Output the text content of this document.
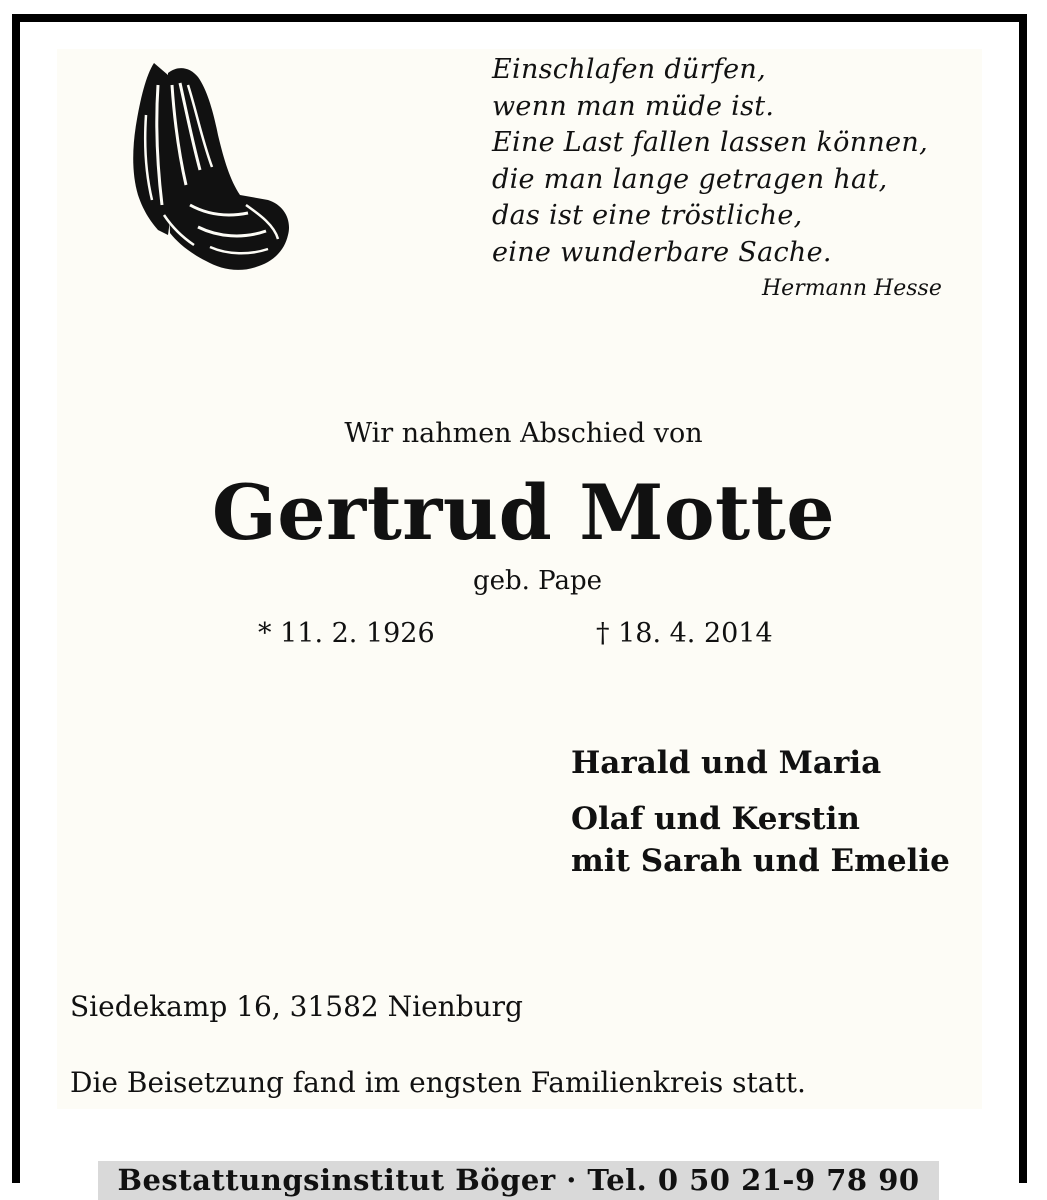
Einschlafen dürfen,
wenn man müde ist.
Eine Last fallen lassen können,
die man lange getragen hat,
das ist eine tröstliche,
eine wunderbare Sache.
Hermann Hesse
Wir nahmen Abschied von
Gertrud Motte
geb. Pape
* 11. 2. 1926	† 18. 4. 2014
Harald und Maria
Olaf und Kerstin
mit Sarah und Emelie
Siedekamp 16, 31582 Nienburg
Die Beisetzung fand im engsten Familienkreis statt.
Bestattungsinstitut Böger · Tel. 0 50 21-9 78 90
